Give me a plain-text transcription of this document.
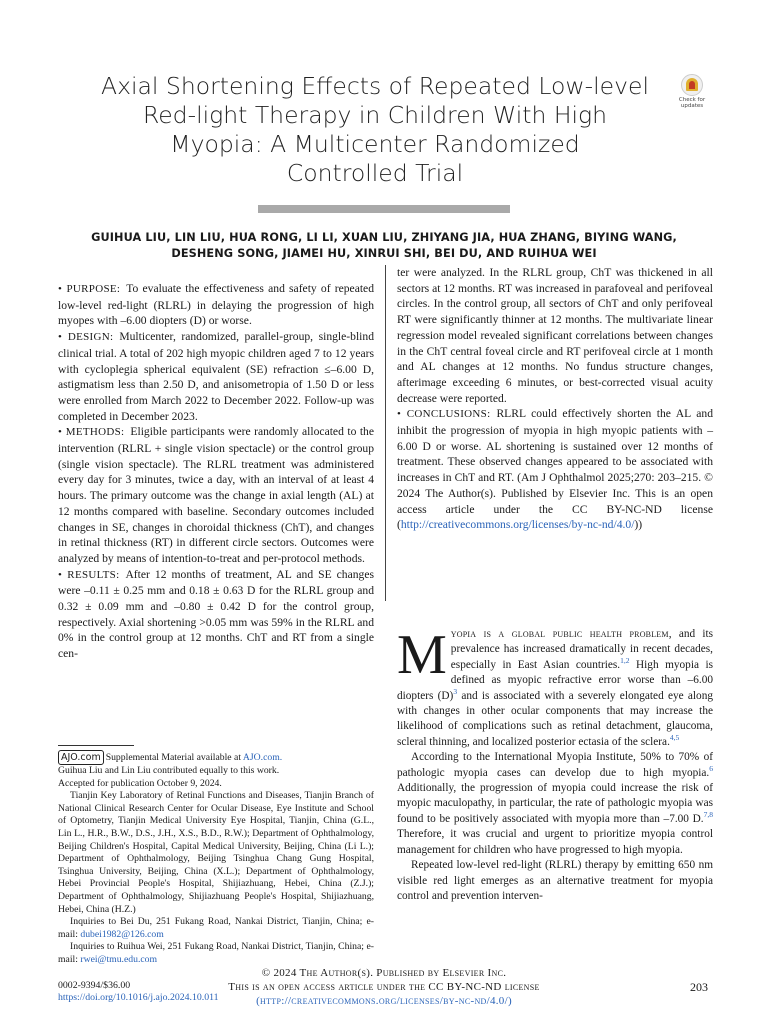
Axial Shortening Effects of Repeated Low-level
Red-light Therapy in Children With High
Myopia: A Multicenter Randomized
Controlled Trial
Check for updates
GUIHUA LIU, LIN LIU, HUA RONG, LI LI, XUAN LIU, ZHIYANG JIA, HUA ZHANG, BIYING WANG,
DESHENG SONG, JIAMEI HU, XINRUI SHI, BEI DU, AND RUIHUA WEI

• PURPOSE: To evaluate the effectiveness and safety of repeated low-level red-light (RLRL) in delaying the progression of high myopes with –6.00 diopters (D) or worse.

• DESIGN: Multicenter, randomized, parallel-group, single-blind clinical trial. A total of 202 high myopic children aged 7 to 12 years with cycloplegia spherical equivalent (SE) refraction ≤–6.00 D, astigmatism less than 2.50 D, and anisometropia of 1.50 D or less were enrolled from March 2022 to December 2022. Follow-up was completed in December 2023.

• METHODS: Eligible participants were randomly allocated to the intervention (RLRL + single vision spectacle) or the control group (single vision spectacle). The RLRL treatment was administered every day for 3 minutes, twice a day, with an interval of at least 4 hours. The primary outcome was the change in axial length (AL) at 12 months compared with baseline. Secondary outcomes included changes in SE, changes in choroidal thickness (ChT), and changes in retinal thickness (RT) in different circle sectors. Outcomes were analyzed by means of intention-to-treat and per-protocol methods.

• RESULTS: After 12 months of treatment, AL and SE changes were –0.11 ± 0.25 mm and 0.18 ± 0.63 D for the RLRL group and 0.32 ± 0.09 mm and –0.80 ± 0.42 D for the control group, respectively. Axial shortening >0.05 mm was 59% in the RLRL and 0% in the control group at 12 months. ChT and RT from a single cen-

ter were analyzed. In the RLRL group, ChT was thickened in all sectors at 12 months. RT was increased in parafoveal and perifoveal circles. In the control group, all sectors of ChT and only perifoveal RT were significantly thinner at 12 months. The multivariate linear regression model revealed significant correlations between changes in the ChT central foveal circle and RT perifoveal circle at 1 month and AL changes at 12 months. No fundus structure changes, afterimage exceeding 6 minutes, or best-corrected visual acuity decrease were reported.

• CONCLUSIONS: RLRL could effectively shorten the AL and inhibit the progression of myopia in high myopic patients with –6.00 D or worse. AL shortening is sustained over 12 months of treatment. These observed changes appeared to be associated with increases in ChT and RT. (Am J Ophthalmol 2025;270: 203–215. © 2024 The Author(s). Published by Elsevier Inc. This is an open access article under the CC BY-NC-ND license (http://creativecommons.org/licenses/by-nc-nd/4.0/))

Myopia is a global public health problem, and its prevalence has increased dramatically in recent decades, especially in East Asian countries.$^{1,2}$ High myopia is defined as myopic refractive error worse than –6.00 diopters $(D)^3$ and is associated with a severely elongated eye along with changes in other ocular components that may increase the likelihood of complications such as retinal detachment, glaucoma, scleral thinning, and localized posterior ectasia of the sclera.$^{4,5}$

According to the International Myopia Institute, 50% to 70% of pathologic myopia cases can develop due to high myopia.$^6$ Additionally, the progression of myopia could increase the risk of myopic maculopathy, in particular, the rate of pathologic myopia was found to be positively associated with myopia more than –7.00 D.$^{7,8}$ Therefore, it was crucial and urgent to prioritize myopia control management for children who have progressed to high myopia.

Repeated low-level red-light (RLRL) therapy by emitting 650 nm visible red light emerges as an alternative treatment for myopia control and prevention interven-

AJO.com Supplemental Material available at AJO.com.

Guihua Liu and Lin Liu contributed equally to this work.

Accepted for publication October 9, 2024.

Tianjin Key Laboratory of Retinal Functions and Diseases, Tianjin Branch of National Clinical Research Center for Ocular Disease, Eye Institute and School of Optometry, Tianjin Medical University Eye Hospital, Tianjin, China (G.L., Lin L., H.R., B.W., D.S., J.H., X.S., B.D., R.W.); Department of Ophthalmology, Beijing Children's Hospital, Capital Medical University, Beijing, China (Li L.); Department of Ophthalmology, Beijing Tsinghua Chang Gung Hospital, Tsinghua University, Beijing, China (X.L.); Department of Ophthalmology, Hebei Provincial People's Hospital, Shijiazhuang, Hebei, China (Z.J.); Department of Ophthalmology, Shijiazhuang People's Hospital, Shijiazhuang, Hebei, China (H.Z.)

Inquiries to Bei Du, 251 Fukang Road, Nankai District, Tianjin, China; e-mail: dubei1982@126.com

Inquiries to Ruihua Wei, 251 Fukang Road, Nankai District, Tianjin, China; e-mail: rwei@tmu.edu.com

© 2024 The Author(s). Published by Elsevier Inc.
This is an open access article under the CC BY-NC-ND license
(http://creativecommons.org/licenses/by-nc-nd/4.0/)
0002-9394/$36.00
https://doi.org/10.1016/j.ajo.2024.10.011
203
